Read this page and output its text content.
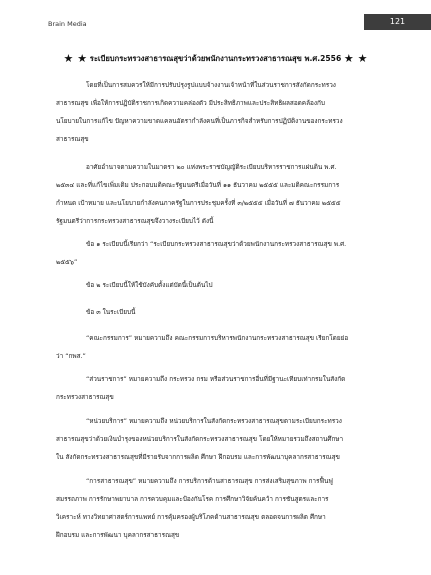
Brain Media	121
★ ★ ระเบียบกระทรวงสาธารณสุขว่าด้วยพนักงานกระทรวงสาธารณสุข พ.ศ.2556 ★ ★
โดยที่เป็นการสมควรให้มีการปรับปรุงรูปแบบจ้างงานเจ้าหน้าที่ในส่วนราชการสังกัดกระทรวง
สาธารณสุข เพื่อให้การปฏิบัติราชการเกิดความคล่องตัว มีประสิทธิภาพและประสิทธิผลสอดคล้องกับ
นโยบายในการแก้ไข ปัญหาความขาดแคลนอัตรากำลังคนที่เป็นภารกิจสำหรับการปฏิบัติงานของกระทรวง
สาธารณสุข
อาศัยอำนาจตามความในมาตรา ๒๐ แห่งพระราชบัญญัติระเบียบบริหารราชการแผ่นดิน พ.ศ.
๒๕๓๔ และที่แก้ไขเพิ่มเติม ประกอบมติคณะรัฐมนตรีเมื่อวันที่ ๑๑ ธันวาคม ๒๕๕๕ และมติคณะกรรมการ
กำหนด เป้าหมาย และนโยบายกำลังคนภาครัฐในการประชุมครั้งที่ ๓/๒๕๕๕ เมื่อวันที่ ๗ ธันวาคม ๒๕๕๕
รัฐมนตรีว่าการกระทรวงสาธารณสุขจึงวางระเบียบไว้ ดังนี้
ข้อ ๑ ระเบียบนี้เรียกว่า “ระเบียบกระทรวงสาธารณสุขว่าด้วยพนักงานกระทรวงสาธารณสุข พ.ศ.
๒๕๕๖”
ข้อ ๒ ระเบียบนี้ให้ใช้บังคับตั้งแต่บัดนี้เป็นต้นไป
ข้อ ๓ ในระเบียบนี้
“คณะกรรมการ” หมายความถึง คณะกรรมการบริหารพนักงานกระทรวงสาธารณสุข เรียกโดยย่อ
ว่า “กพส.”
“ส่วนราชการ” หมายความถึง กระทรวง กรม หรือส่วนราชการอื่นที่มีฐานะเทียบเท่ากรมในสังกัด
กระทรวงสาธารณสุข
“หน่วยบริการ” หมายความถึง หน่วยบริการในสังกัดกระทรวงสาธารณสุขตามระเบียบกระทรวง
สาธารณสุขว่าด้วยเงินบำรุงของหน่วยบริการในสังกัดกระทรวงสาธารณสุข โดยให้หมายรวมถึงสถานศึกษา
ใน สังกัดกระทรวงสาธารณสุขที่มีรายรับจากการผลิต ศึกษา ฝึกอบรม และการพัฒนาบุคลากรสาธารณสุข
“การสาธารณสุข” หมายความถึง การบริการด้านสาธารณสุข การส่งเสริมสุขภาพ การฟื้นฟู
สมรรถภาพ การรักษาพยาบาล การควบคุมและป้องกันโรค การศึกษาวิจัยค้นคว้า การชันสูตรและการ
วิเคราะห์ ทางวิทยาศาสตร์การแพทย์ การคุ้มครองผู้บริโภคด้านสาธารณสุข ตลอดจนการผลิต ศึกษา
ฝึกอบรม และการพัฒนา บุคลากรสาธารณสุข
